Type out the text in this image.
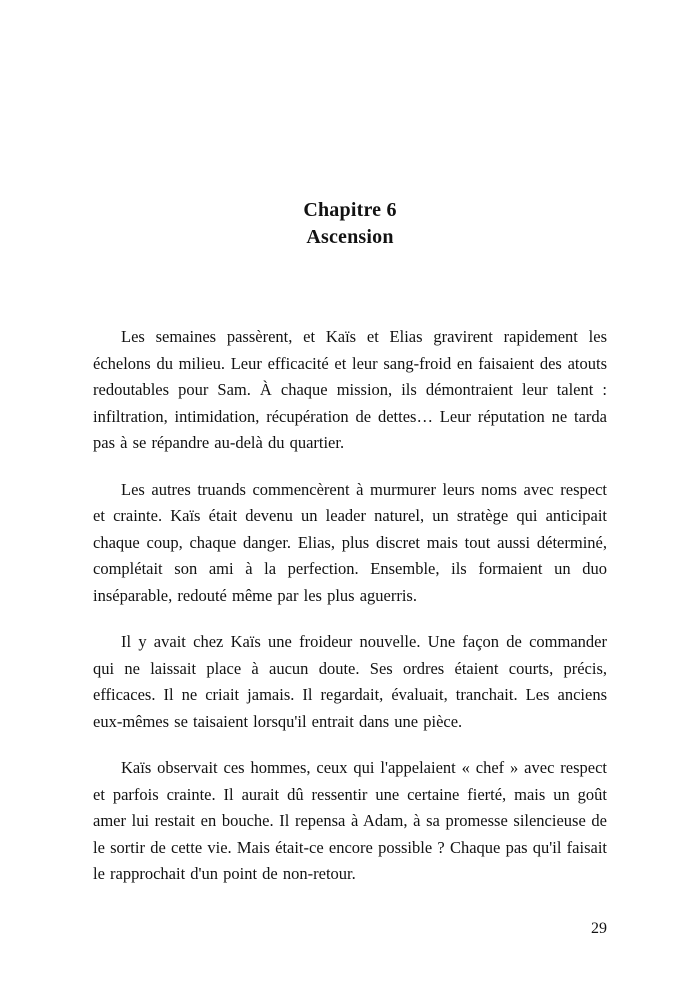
Chapitre 6
Ascension

Les semaines passèrent, et Kaïs et Elias gravirent rapidement les échelons du milieu. Leur efficacité et leur sang-froid en faisaient des atouts redoutables pour Sam. À chaque mission, ils démontraient leur talent : infiltration, intimidation, récupération de dettes… Leur réputation ne tarda pas à se répandre au-delà du quartier.

Les autres truands commencèrent à murmurer leurs noms avec respect et crainte. Kaïs était devenu un leader naturel, un stratège qui anticipait chaque coup, chaque danger. Elias, plus discret mais tout aussi déterminé, complétait son ami à la perfection. Ensemble, ils formaient un duo inséparable, redouté même par les plus aguerris.

Il y avait chez Kaïs une froideur nouvelle. Une façon de commander qui ne laissait place à aucun doute. Ses ordres étaient courts, précis, efficaces. Il ne criait jamais. Il regardait, évaluait, tranchait. Les anciens eux-mêmes se taisaient lorsqu'il entrait dans une pièce.

Kaïs observait ces hommes, ceux qui l'appelaient « chef » avec respect et parfois crainte. Il aurait dû ressentir une certaine fierté, mais un goût amer lui restait en bouche. Il repensa à Adam, à sa promesse silencieuse de le sortir de cette vie. Mais était-ce encore possible ? Chaque pas qu'il faisait le rapprochait d'un point de non-retour.

29
